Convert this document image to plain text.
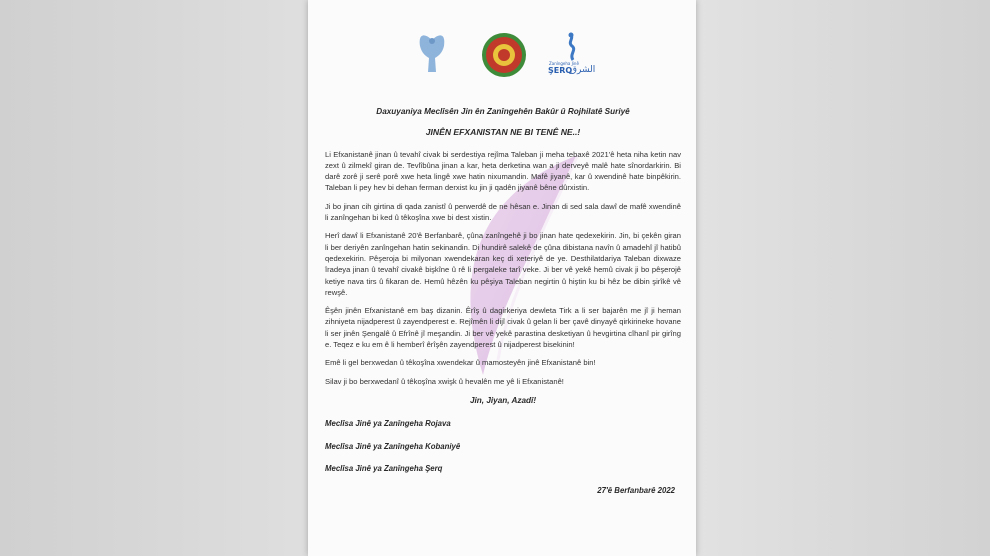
Zanîngeha Jinê
ŞERQ
الشرق
Daxuyaniya Meclîsên Jin ên Zanîngehên Bakûr û Rojhilatê Suriyê
JINÊN EFXANISTAN NE BI TENÊ NE..!

Li Efxanistanê jinan û tevahî civak bi serdestiya rejîma Taleban ji meha tebaxê 2021'ê heta niha ketin nav zext û zilmekî giran de. Tevlîbûna jinan a kar, heta derketina wan a ji derveyê malê hate sînordarkirin. Bi darê zorê ji serê porê xwe heta lingê xwe hatin nixumandin. Mafê jiyanê, kar û xwendinê hate binpêkirin. Taleban li pey hev bi dehan ferman derxist ku jin ji qadên jiyanê bêne dûrxistin.

Ji bo jinan cih girtina di qada zanistî û perwerdê de ne hêsan e. Jinan di sed sala dawî de mafê xwendinê li zanîngehan bi ked û têkoşîna xwe bi dest xistin.

Herî dawî li Efxanistanê 20'ê Berfanbarê, çûna zanîngehê ji bo jinan hate qedexekirin. Jin, bi çekên giran li ber deriyên zanîngehan hatin sekinandin. Di hundirê salekê de çûna dibistana navîn û amadehî jî hatibû qedexekirin. Pêşeroja bi milyonan xwendekaran keç di xeteriyê de ye. Desthilatdariya Taleban dixwaze îradeya jinan û tevahî civakê bişkîne û rê li pergaleke tarî veke. Ji ber vê yekê hemû civak ji bo pêşerojê ketiye nava tirs û fikaran de. Hemû hêzên ku pêşiya Taleban negirtin û hiştin ku bi hêz be dibin şirîkê vê rewşê.

Êşên jinên Efxanistanê em baş dizanin. Êrîş û dagirkeriya dewleta Tirk a li ser bajarên me jî ji heman zihniyeta nijadperest û zayendperest e. Rejîmên li dijî civak û gelan li ber çavê dinyayê qirkirineke hovane li ser jinên Şengalê û Efrînê jî meşandin. Ji ber vê yekê parastina desketiyan û hevgirtina cîhanî pir girîng e. Teqez e ku em ê li hemberî êrîşên zayendperest û nijadperest bisekinin!

Emê li gel berxwedan û têkoşîna xwendekar û mamosteyên jinê Efxanistanê bin!

Silav ji bo berxwedanî û têkoşîna xwişk û hevalên me yê li Efxanistanê!

Jin, Jiyan, Azadî!
Meclîsa Jinê ya Zanîngeha Rojava
Meclîsa Jinê ya Zanîngeha Kobaniyê
Meclîsa Jinê ya Zanîngeha Şerq
27'ê Berfanbarê 2022
